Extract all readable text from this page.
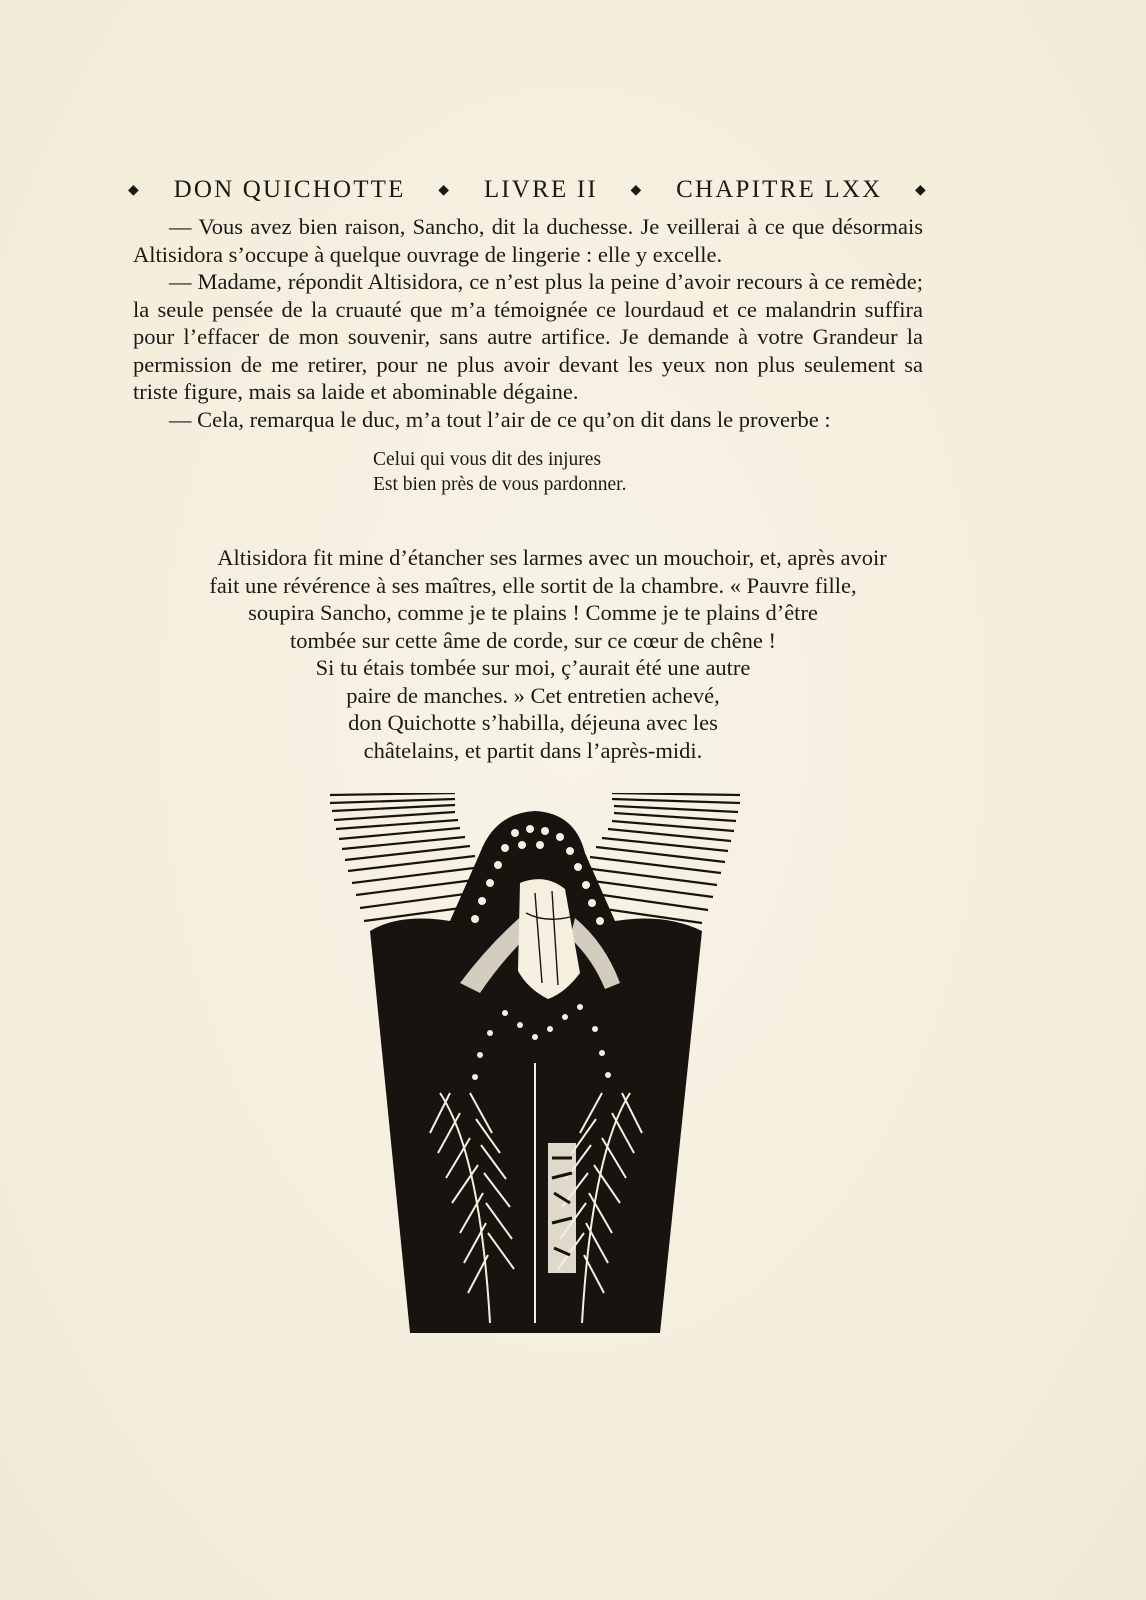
◆ DON QUICHOTTE ◆ LIVRE II ◆ CHAPITRE LXX ◆

— Vous avez bien raison, Sancho, dit la duchesse. Je veillerai à ce que désormais Altisidora s’occupe à quelque ouvrage de lingerie : elle y excelle.

— Madame, répondit Altisidora, ce n’est plus la peine d’avoir recours à ce remède; la seule pensée de la cruauté que m’a témoignée ce lourdaud et ce malandrin suffira pour l’effacer de mon souvenir, sans autre artifice. Je demande à votre Grandeur la permission de me retirer, pour ne plus avoir devant les yeux non plus seulement sa triste figure, mais sa laide et abominable dégaine.

— Cela, remarqua le duc, m’a tout l’air de ce qu’on dit dans le proverbe :

Celui qui vous dit des injures
Est bien près de vous pardonner.
Altisidora fit mine d’étancher ses larmes avec un mouchoir, et, après avoir
fait une révérence à ses maîtres, elle sortit de la chambre. « Pauvre fille,
soupira Sancho, comme je te plains ! Comme je te plains d’être
tombée sur cette âme de corde, sur ce cœur de chêne !
Si tu étais tombée sur moi, ç’aurait été une autre
paire de manches. » Cet entretien achevé,
don Quichotte s’habilla, déjeuna avec les
châtelains, et partit dans l’après-midi.
